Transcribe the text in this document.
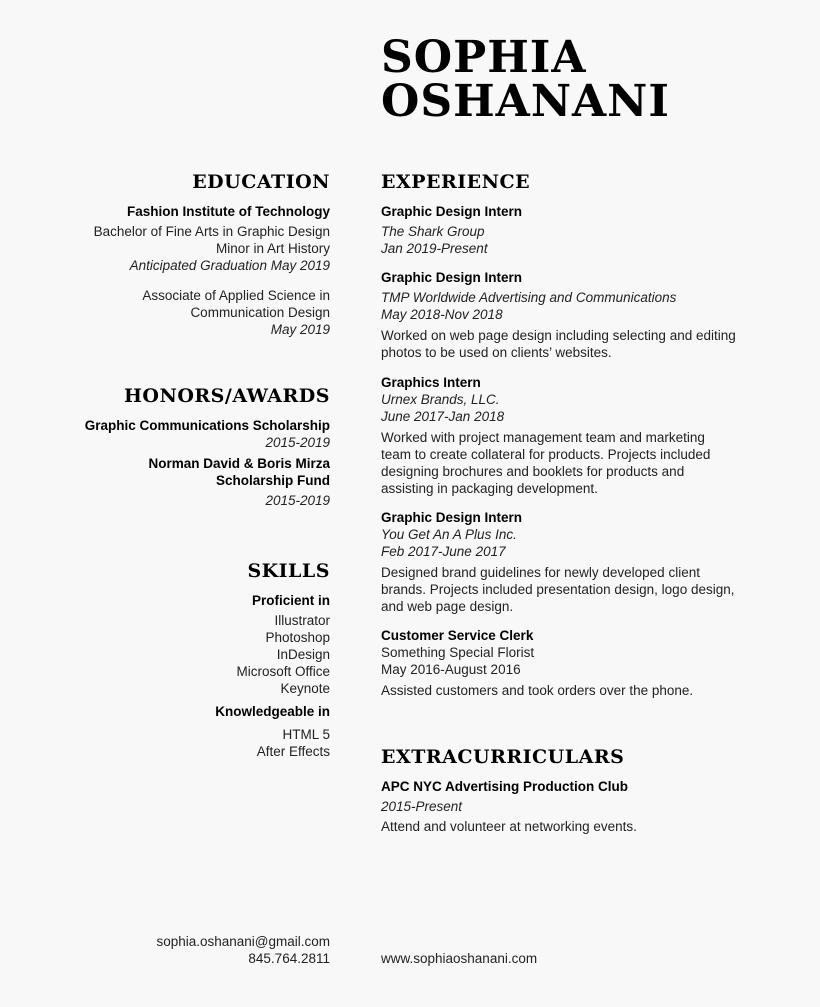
SOPHIA
OSHANANI
EDUCATION
Fashion Institute of Technology
Bachelor of Fine Arts in Graphic Design
Minor in Art History
Anticipated Graduation May 2019
Associate of Applied Science in
Communication Design
May 2019
HONORS/AWARDS
Graphic Communications Scholarship
2015-2019
Norman David & Boris Mirza
Scholarship Fund
2015-2019
SKILLS
Proficient in
Illustrator
Photoshop
InDesign
Microsoft Office
Keynote
Knowledgeable in
HTML 5
After Effects
sophia.oshanani@gmail.com
845.764.2811
EXPERIENCE
Graphic Design Intern
The Shark Group
Jan 2019-Present
Graphic Design Intern
TMP Worldwide Advertising and Communications
May 2018-Nov 2018
Worked on web page design including selecting and editing photos to be used on clients’ websites.
Graphics Intern
Urnex Brands, LLC.
June 2017-Jan 2018
Worked with project management team and marketing team to create collateral for products. Projects included designing brochures and booklets for products and assisting in packaging development.
Graphic Design Intern
You Get An A Plus Inc.
Feb 2017-June 2017
Designed brand guidelines for newly developed client brands. Projects included presentation design, logo design, and web page design.
Customer Service Clerk
Something Special Florist
May 2016-August 2016
Assisted customers and took orders over the phone.
EXTRACURRICULARS
APC NYC Advertising Production Club
2015-Present
Attend and volunteer at networking events.
www.sophiaoshanani.com
